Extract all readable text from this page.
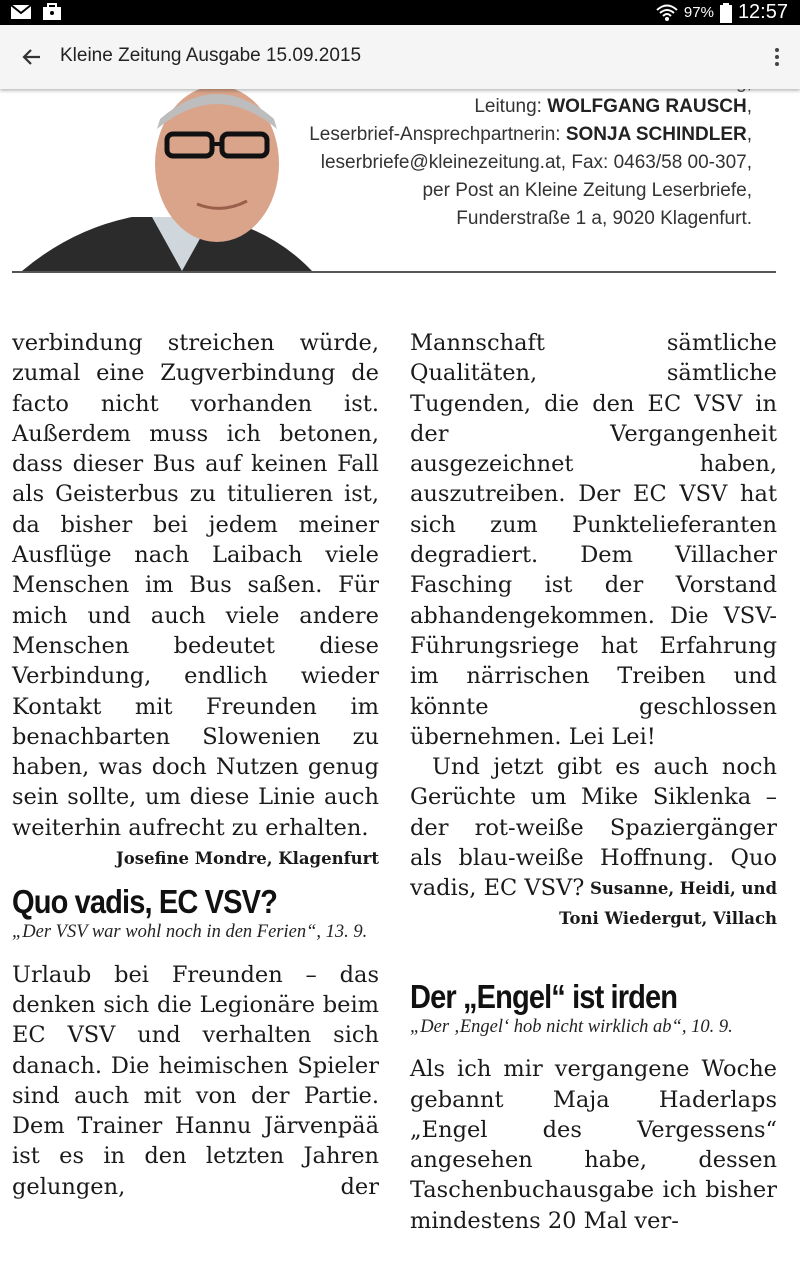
97% 12:57
Kleine Zeitung Ausgabe 15.09.2015
Leitung: WOLFGANG RAUSCH,
Leserbrief-Ansprechpartnerin: SONJA SCHINDLER,
leserbriefe@kleinezeitung.at, Fax: 0463/58 00-307,
per Post an Kleine Zeitung Leserbriefe,
Funderstraße 1 a, 9020 Klagenfurt.

verbindung streichen würde, zumal eine Zugverbindung de facto nicht vorhanden ist. Außerdem muss ich betonen, dass dieser Bus auf keinen Fall als Geisterbus zu titulieren ist, da bisher bei jedem meiner Ausflüge nach Laibach viele Menschen im Bus saßen. Für mich und auch viele andere Menschen bedeutet diese Verbindung, endlich wieder Kontakt mit Freunden im benachbarten Slowenien zu haben, was doch Nutzen genug sein sollte, um diese Linie auch weiterhin aufrecht zu erhalten.

Josefine Mondre, Klagenfurt
Quo vadis, EC VSV?

„Der VSV war wohl noch in den Ferien“, 13. 9.

Urlaub bei Freunden – das denken sich die Legionäre beim EC VSV und verhalten sich danach. Die heimischen Spieler sind auch mit von der Partie. Dem Trainer Hannu Järvenpää ist es in den letzten Jahren gelungen, der

Mannschaft sämtliche Qualitäten, sämtliche Tugenden, die den EC VSV in der Vergangenheit ausgezeichnet haben, auszutreiben. Der EC VSV hat sich zum Punktelieferanten degradiert. Dem Villacher Fasching ist der Vorstand abhandengekommen. Die VSV-Führungsriege hat Erfahrung im närrischen Treiben und könnte geschlossen übernehmen. Lei Lei!

Und jetzt gibt es auch noch Gerüchte um Mike Siklenka – der rot-weiße Spaziergänger als blau-weiße Hoffnung. Quo vadis, EC VSV? Susanne, Heidi, und
Toni Wiedergut, Villach
Der „Engel“ ist irden

„Der ‚Engel‘ hob nicht wirklich ab“, 10. 9.

Als ich mir vergangene Woche gebannt Maja Haderlaps „Engel des Vergessens“ angesehen habe, dessen Taschenbuchausgabe ich bisher mindestens 20 Mal ver-
